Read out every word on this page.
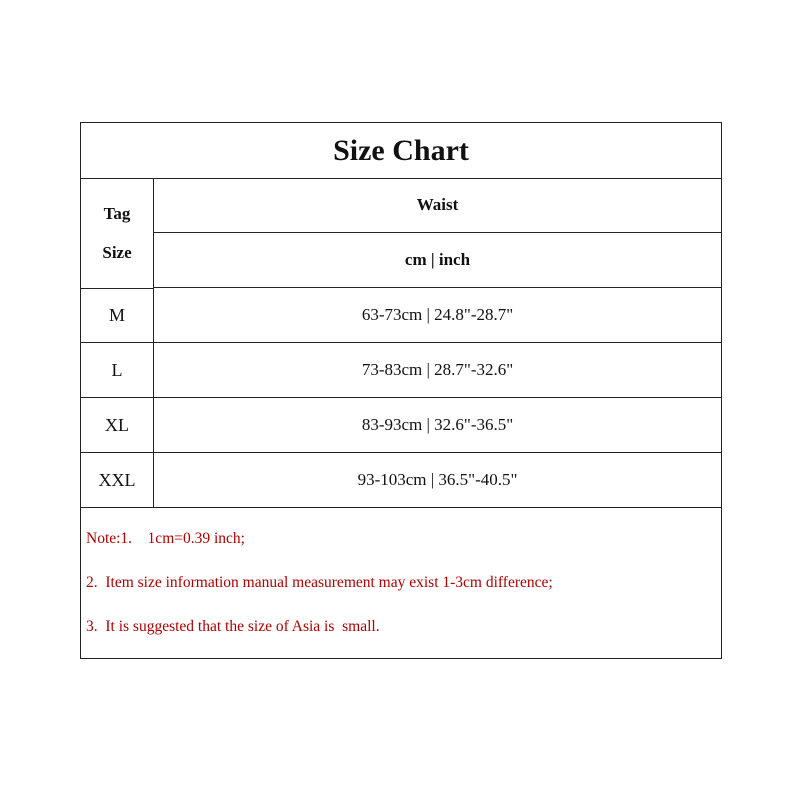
Size Chart
Tag
Size
Waist
cm | inch
M	63-73cm | 24.8"-28.7"
L	73-83cm | 28.7"-32.6"
XL	83-93cm | 32.6"-36.5"
XXL	93-103cm | 36.5"-40.5"
Note:1.    1cm=0.39 inch;
2.  Item size information manual measurement may exist 1-3cm difference;
3.  It is suggested that the size of Asia is  small.
